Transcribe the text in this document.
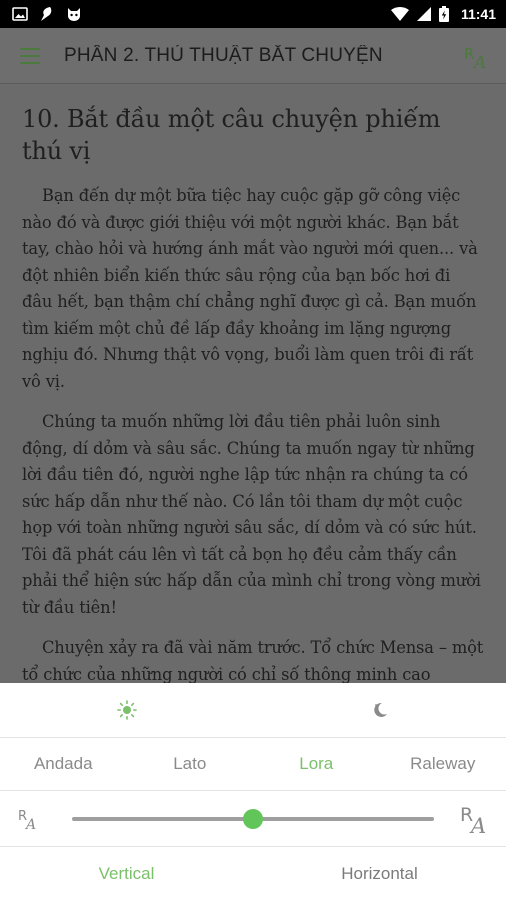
11:41
PHẦN 2. THỦ THUẬT BẮT CHUYỆN	R A
10. Bắt đầu một câu chuyện phiếm thú vị

Bạn đến dự một bữa tiệc hay cuộc gặp gỡ công việc nào đó và được giới thiệu với một người khác. Bạn bắt tay, chào hỏi và hướng ánh mắt vào người mới quen... và đột nhiên biển kiến thức sâu rộng của bạn bốc hơi đi đâu hết, bạn thậm chí chẳng nghĩ được gì cả. Bạn muốn tìm kiếm một chủ đề lấp đầy khoảng im lặng ngượng nghịu đó. Nhưng thật vô vọng, buổi làm quen trôi đi rất vô vị.

Chúng ta muốn những lời đầu tiên phải luôn sinh động, dí dỏm và sâu sắc. Chúng ta muốn ngay từ những lời đầu tiên đó, người nghe lập tức nhận ra chúng ta có sức hấp dẫn như thế nào. Có lần tôi tham dự một cuộc họp với toàn những người sâu sắc, dí dỏm và có sức hút. Tôi đã phát cáu lên vì tất cả bọn họ đều cảm thấy cần phải thể hiện sức hấp dẫn của mình chỉ trong vòng mười từ đầu tiên!

Chuyện xảy ra đã vài năm trước. Tổ chức Mensa – một tổ chức của những người có chỉ số thông minh cao

Andada	Lato	Lora	Raleway
R
A	R
A
Vertical	Horizontal
